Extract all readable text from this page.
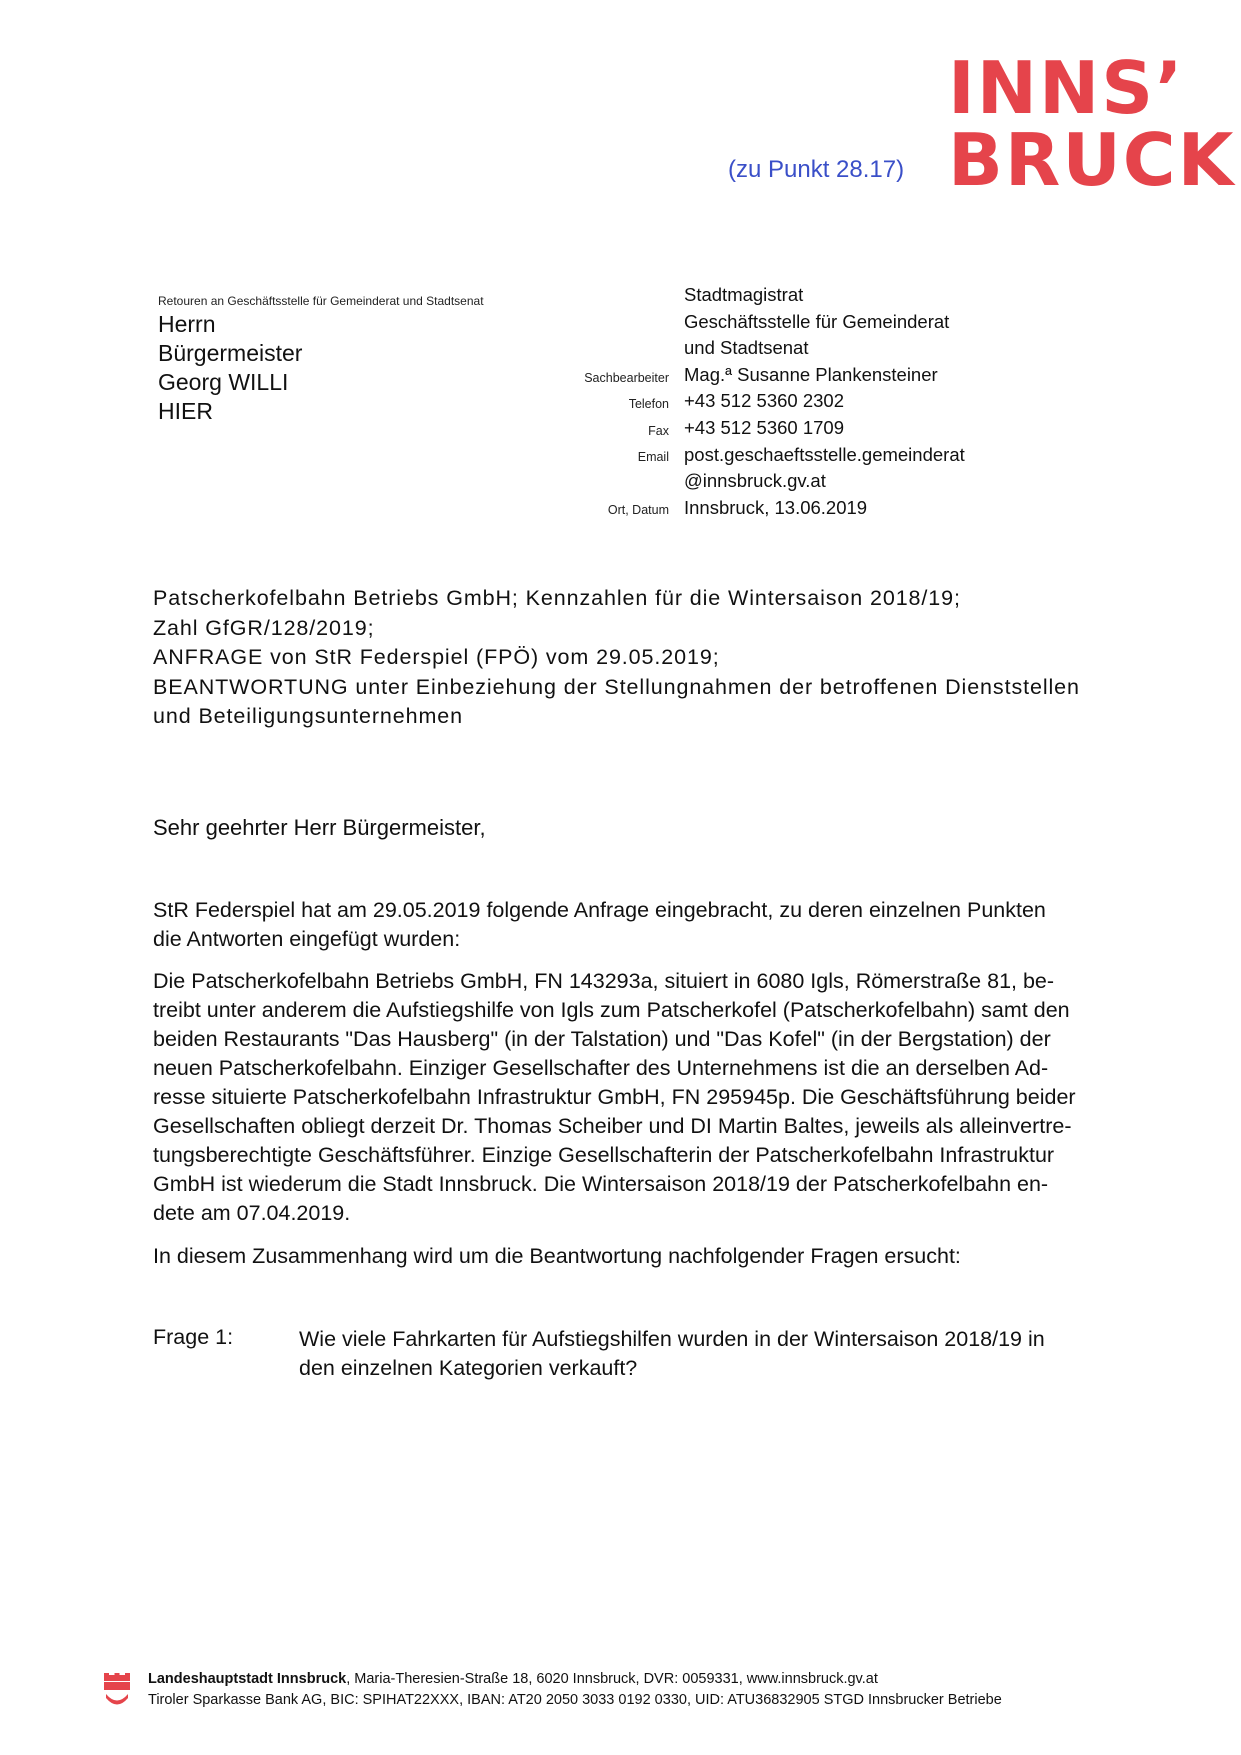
INNS’
BRUCK
(zu Punkt 28.17)
Retouren an Geschäftsstelle für Gemeinderat und Stadtsenat
Herrn
Bürgermeister
Georg WILLI
HIER
Sachbearbeiter
Telefon
Fax
Email

Ort, Datum
Stadtmagistrat
Geschäftsstelle für Gemeinderat
und Stadtsenat
Mag.ª Susanne Plankensteiner
+43 512 5360 2302
+43 512 5360 1709
post.geschaeftsstelle.gemeinderat
@innsbruck.gv.at
Innsbruck, 13.06.2019
Patscherkofelbahn Betriebs GmbH; Kennzahlen für die Wintersaison 2018/19;
Zahl GfGR/128/2019;
ANFRAGE von StR Federspiel (FPÖ) vom 29.05.2019;
BEANTWORTUNG unter Einbeziehung der Stellungnahmen der betroffenen Dienststellen
und Beteiligungsunternehmen
Sehr geehrter Herr Bürgermeister,
StR Federspiel hat am 29.05.2019 folgende Anfrage eingebracht, zu deren einzelnen Punkten
die Antworten eingefügt wurden:
Die Patscherkofelbahn Betriebs GmbH, FN 143293a, situiert in 6080 Igls, Römerstraße 81, be-
treibt unter anderem die Aufstiegshilfe von Igls zum Patscherkofel (Patscherkofelbahn) samt den
beiden Restaurants "Das Hausberg" (in der Talstation) und "Das Kofel" (in der Bergstation) der
neuen Patscherkofelbahn. Einziger Gesellschafter des Unternehmens ist die an derselben Ad-
resse situierte Patscherkofelbahn Infrastruktur GmbH, FN 295945p. Die Geschäftsführung beider
Gesellschaften obliegt derzeit Dr. Thomas Scheiber und DI Martin Baltes, jeweils als alleinvertre-
tungsberechtigte Geschäftsführer. Einzige Gesellschafterin der Patscherkofelbahn Infrastruktur
GmbH ist wiederum die Stadt Innsbruck. Die Wintersaison 2018/19 der Patscherkofelbahn en-
dete am 07.04.2019.
In diesem Zusammenhang wird um die Beantwortung nachfolgender Fragen ersucht:
Frage 1:	Wie viele Fahrkarten für Aufstiegshilfen wurden in der Wintersaison 2018/19 in
den einzelnen Kategorien verkauft?
Landeshauptstadt Innsbruck, Maria-Theresien-Straße 18, 6020 Innsbruck, DVR: 0059331, www.innsbruck.gv.at
Tiroler Sparkasse Bank AG, BIC: SPIHAT22XXX, IBAN: AT20 2050 3033 0192 0330, UID: ATU36832905 STGD Innsbrucker Betriebe
